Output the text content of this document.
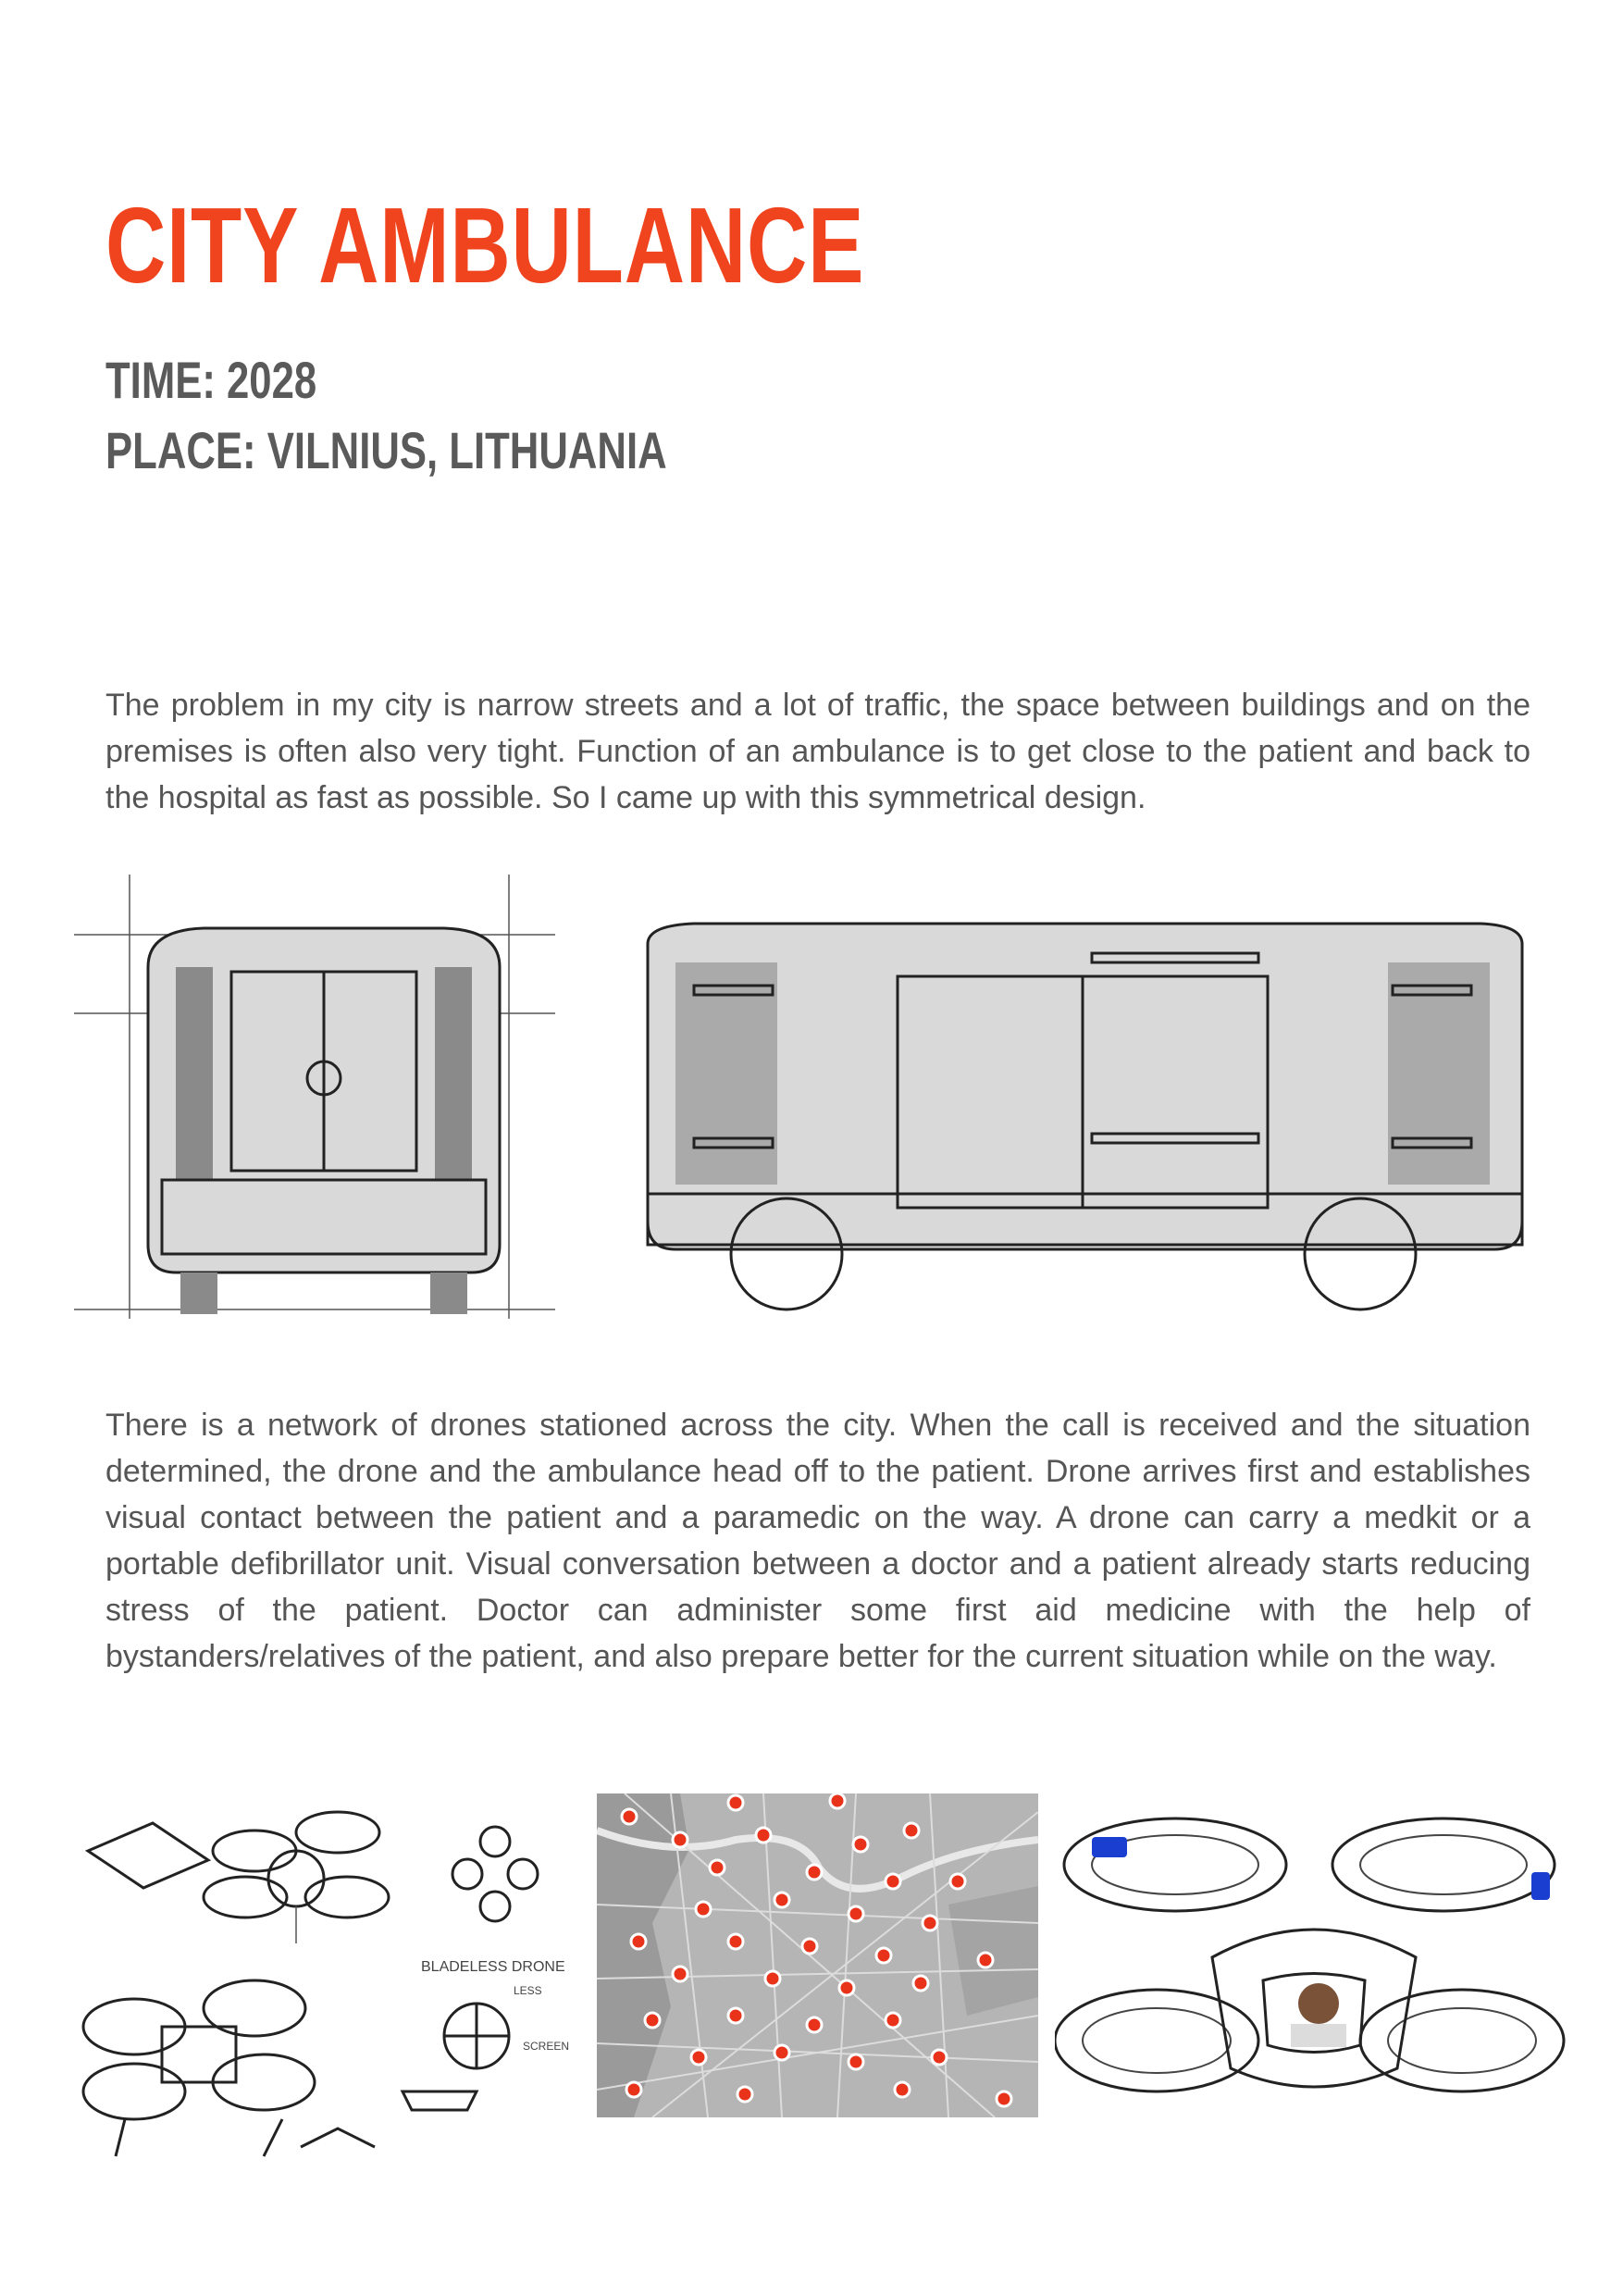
CITY AMBULANCE
TIME: 2028
PLACE: VILNIUS, LITHUANIA

The problem in my city is narrow streets and a lot of traffic, the space between buildings and on the premises is often also very tight. Function of an ambulance is to get close to the patient and back to the hospital as fast as possible. So I came up with this symmetrical design.

There is a network of drones stationed across the city. When the call is received and the situation determined, the drone and the ambulance head off to the patient. Drone arrives first and establishes visual contact between the patient and a paramedic on the way. A drone can carry a medkit or a portable defibrillator unit. Visual conversation between a doctor and a patient already starts reducing stress of the patient. Doctor can administer some first aid medicine with the help of bystanders/relatives of the patient, and also prepare better for the current situation while on the way.

BLADELESS DRONE
LESS
SCREEN
